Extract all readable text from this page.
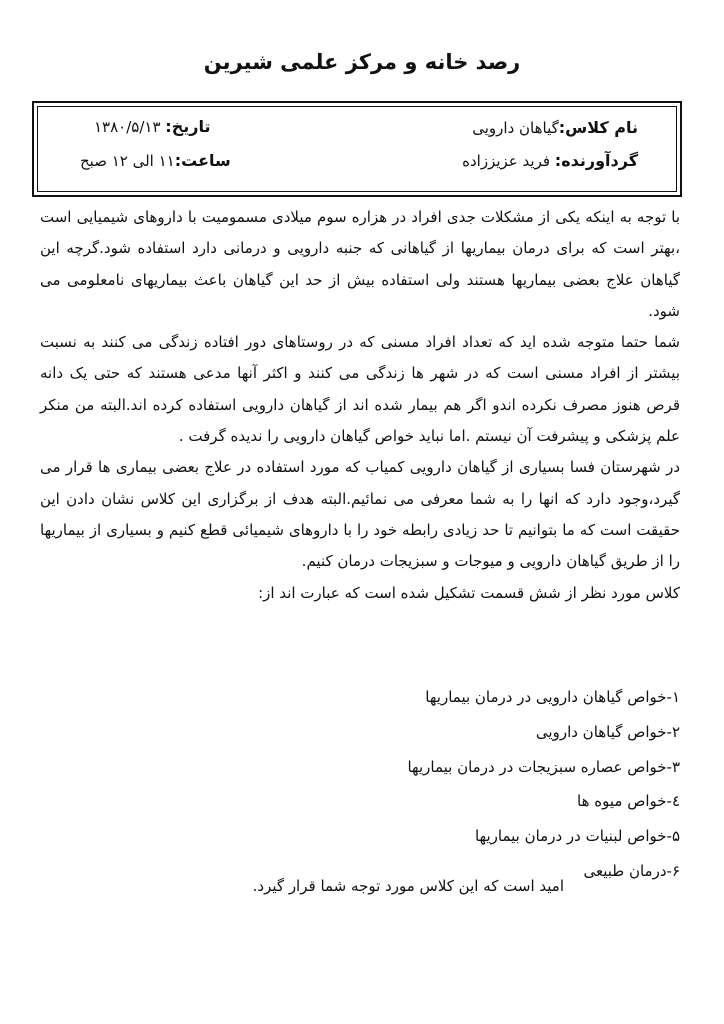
رصد خانه و مرکز علمی شیرین
نام کلاس:گیاهان دارویی
گردآورنده: فرید عزیززاده
تاریخ: ۱۳۸۰/۵/۱۳
ساعت:۱۱ الی ۱۲ صبح

با توجه به اینکه یکی از مشکلات جدی افراد در هزاره سوم میلادی مسمومیت با داروهای شیمیایی است ،بهتر است که برای درمان بیماریها از گیاهانی که جنبه دارویی و درمانی دارد استفاده شود.گرچه این گیاهان علاج بعضی بیماریها هستند ولی استفاده بیش از حد این گیاهان باعث بیماریهای نامعلومی می شود.

شما حتما متوجه شده اید که تعداد افراد مسنی که در روستاهای دور افتاده زندگی می کنند به نسبت بیشتر از افراد مسنی است که در شهر ها زندگی می کنند و اکثر آنها مدعی هستند که حتی یک دانه قرص هنوز مصرف نکرده اندو اگر هم بیمار شده اند از گیاهان دارویی استفاده کرده اند.البته من منکر علم پزشکی و پیشرفت آن نیستم .اما نباید خواص گیاهان دارویی را ندیده گرفت .

در شهرستان فسا بسیاری از گیاهان دارویی کمیاب که مورد استفاده در علاج بعضی بیماری ها قرار می گیرد،وجود دارد که انها را به شما معرفی می نمائیم.البته هدف از برگزاری این کلاس نشان دادن این حقیقت است که ما بتوانیم تا حد زیادی رابطه خود را با داروهای شیمیائی قطع کنیم و بسیاری از بیماریها را از طریق گیاهان دارویی و میوجات و سبزیجات درمان کنیم.

کلاس مورد نظر از شش قسمت تشکیل شده است که عبارت اند از:

۱-خواص گیاهان دارویی در درمان بیماریها
۲-خواص گیاهان دارویی
۳-خواص عصاره سبزیجات در درمان بیماریها
٤-خواص میوه ها
۵-خواص لبنیات در درمان بیماریها
۶-درمان طبیعی
امید است که این کلاس مورد توجه شما قرار گیرد.
